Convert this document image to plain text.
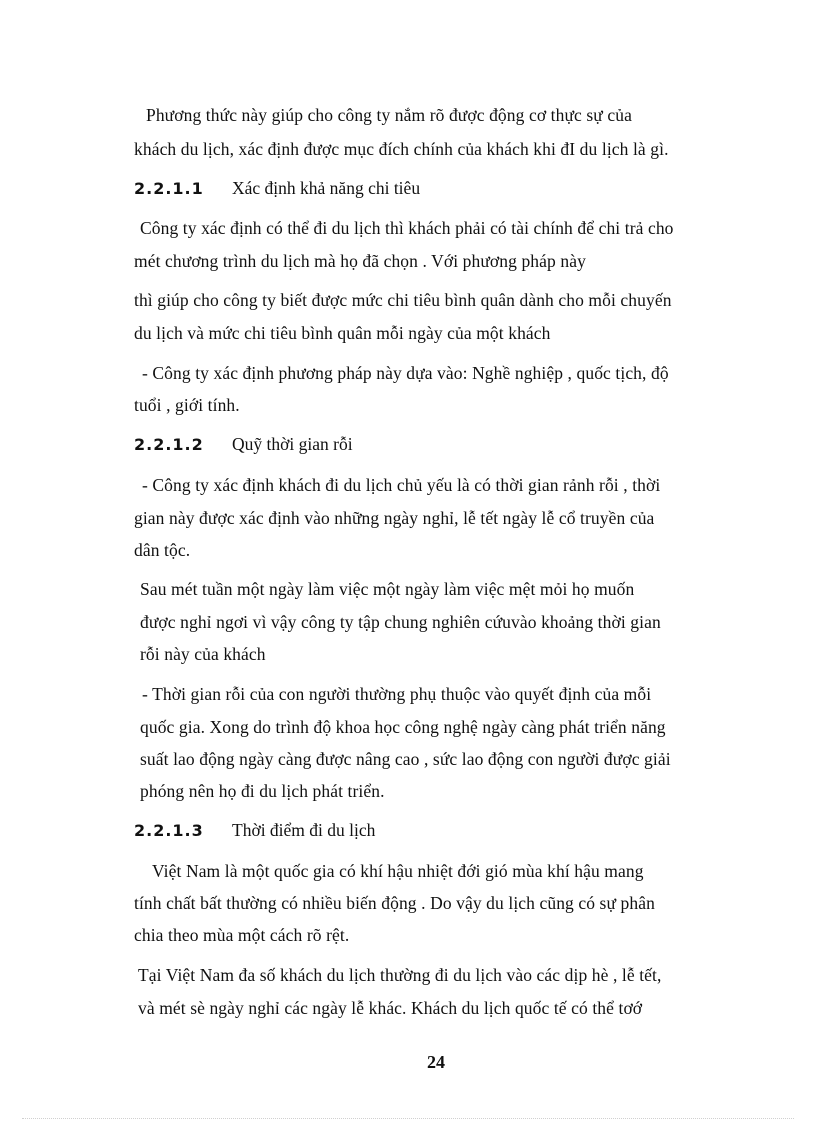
Phương thức này giúp cho công ty nắm rõ được động cơ thực sự của
khách du lịch, xác định được mục đích chính của khách khi đI du lịch là gì.
2.2.1.1	Xác định khả năng chi tiêu
Công ty xác định có thể đi du lịch thì khách phải có tài chính để chi trả cho
mét chương trình du lịch mà họ đã chọn . Với phương pháp này
thì giúp cho công ty biết được mức chi tiêu bình quân dành cho mỗi chuyến
du lịch và mức chi tiêu bình quân mỗi ngày của một khách
- Công ty xác định phương pháp này dựa vào: Nghề nghiệp , quốc tịch, độ
tuổi , giới tính.
2.2.1.2	Quỹ thời gian rỗi
- Công ty xác định khách đi du lịch chủ yếu là có thời gian rảnh rỗi , thời
gian này được xác định vào những ngày nghỉ, lễ tết ngày lễ cổ truyền của
dân tộc.
Sau mét tuần một ngày làm việc một ngày làm việc mệt mỏi họ muốn
được nghỉ ngơi vì vậy công ty tập chung nghiên cứuvào khoảng thời gian
rỗi này của khách
- Thời gian rỗi của con người thường phụ thuộc vào quyết định của mỗi
quốc gia. Xong do trình độ khoa học công nghệ ngày càng phát triển năng
suất lao động ngày càng được nâng cao , sức lao động con người được giải
phóng nên họ đi du lịch phát triển.
2.2.1.3	Thời điểm đi du lịch
Việt Nam là một quốc gia có khí hậu nhiệt đới gió mùa khí hậu mang
tính chất bất thường có nhiều biến động . Do vậy du lịch cũng có sự phân
chia theo mùa một cách rõ rệt.
Tại Việt Nam đa số khách du lịch thường đi du lịch vào các dịp hè , lễ tết,
và mét sè ngày nghỉ các ngày lễ khác. Khách du lịch quốc tế có thể tơớ
24
